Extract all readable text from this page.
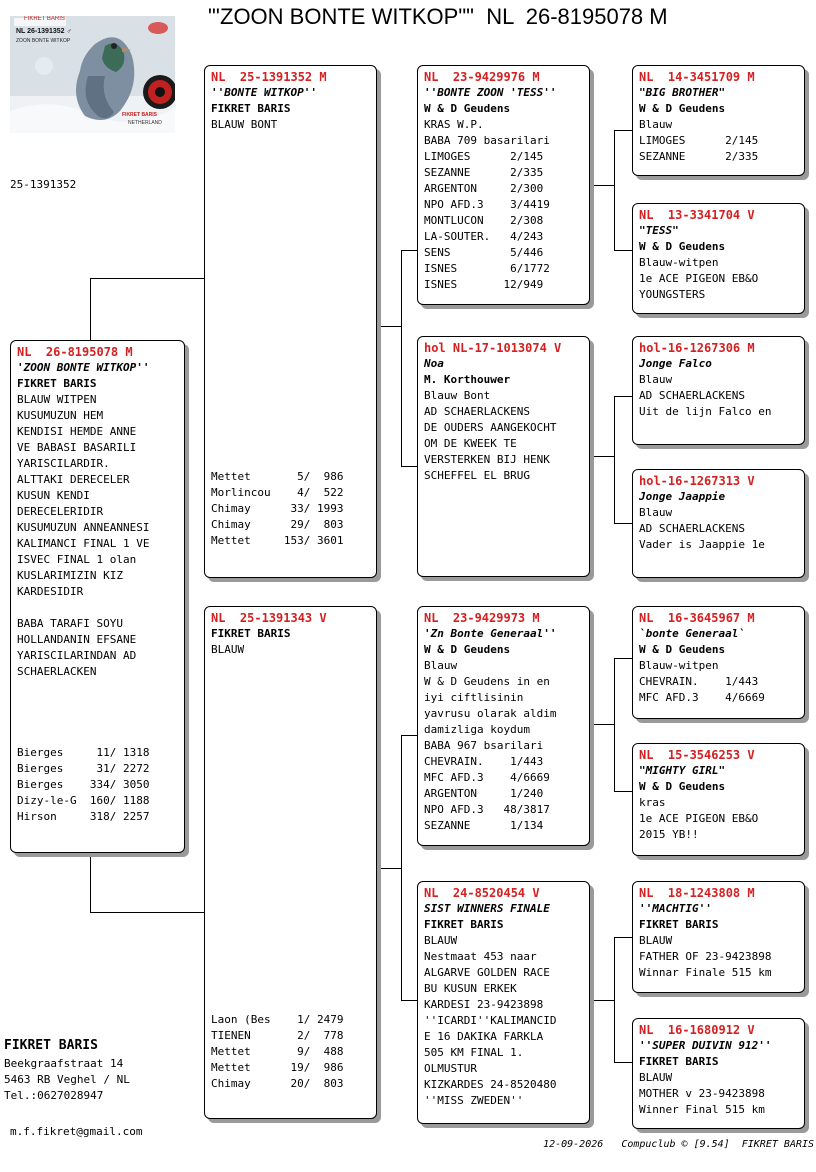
"'ZOON BONTE WITKOP""  NL  26-8195078 M
FIKRET BARIS
NL 26-1391352 ♂
ZOON BONTE WITKOP
FIKRET BARIS
NETHERLAND
25-1391352
NL  26-8195078 M
'ZOON BONTE WITKOP''
FIKRET BARIS
BLAUW WITPEN
KUSUMUZUN HEM
KENDISI HEMDE ANNE
VE BABASI BASARILI
YARISCILARDIR.
ALTTAKI DERECELER
KUSUN KENDI
DERECELERIDIR
KUSUMUZUN ANNEANNESI
KALIMANCI FINAL 1 VE
ISVEC FINAL 1 olan
KUSLARIMIZIN KIZ
KARDESIDIR
BABA TARAFI SOYU
HOLLANDANIN EFSANE
YARISCILARINDAN AD
SCHAERLACKEN
Bierges     11/ 1318
Bierges     31/ 2272
Bierges    334/ 3050
Dizy-le-G  160/ 1188
Hirson     318/ 2257
NL  25-1391352 M
''BONTE WITKOP''
FIKRET BARIS
BLAUW BONT
Mettet       5/  986
Morlincou    4/  522
Chimay      33/ 1993
Chimay      29/  803
Mettet     153/ 3601
NL  25-1391343 V
FIKRET BARIS
BLAUW
Laon (Bes    1/ 2479
TIENEN       2/  778
Mettet       9/  488
Mettet      19/  986
Chimay      20/  803
NL  23-9429976 M
''BONTE ZOON 'TESS''
W & D Geudens
KRAS W.P.
BABA 709 basarilari
LIMOGES      2/145
SEZANNE      2/335
ARGENTON     2/300
NPO AFD.3    3/4419
MONTLUCON    2/308
LA-SOUTER.   4/243
SENS         5/446
ISNES        6/1772
ISNES       12/949
hol NL-17-1013074 V
Noa
M. Korthouwer
Blauw Bont
AD SCHAERLACKENS
DE OUDERS AANGEKOCHT
OM DE KWEEK TE
VERSTERKEN BIJ HENK
SCHEFFEL EL BRUG
NL  23-9429973 M
'Zn Bonte Generaal''
W & D Geudens
Blauw
W & D Geudens in en
iyi ciftlisinin
yavrusu olarak aldim
damizliga koydum
BABA 967 bsarilari
CHEVRAIN.    1/443
MFC AFD.3    4/6669
ARGENTON     1/240
NPO AFD.3   48/3817
SEZANNE      1/134
NL  24-8520454 V
SIST WINNERS FINALE
FIKRET BARIS
BLAUW
Nestmaat 453 naar
ALGARVE GOLDEN RACE
BU KUSUN ERKEK
KARDESI 23-9423898
''ICARDI''KALIMANCID
E 16 DAKIKA FARKLA
505 KM FINAL 1.
OLMUSTUR
KIZKARDES 24-8520480
''MISS ZWEDEN''
NL  14-3451709 M
"BIG BROTHER"
W & D Geudens
Blauw
LIMOGES      2/145
SEZANNE      2/335
NL  13-3341704 V
"TESS"
W & D Geudens
Blauw-witpen
1e ACE PIGEON EB&O
YOUNGSTERS
hol-16-1267306 M
Jonge Falco
Blauw
AD SCHAERLACKENS
Uit de lijn Falco en
hol-16-1267313 V
Jonge Jaappie
Blauw
AD SCHAERLACKENS
Vader is Jaappie 1e
NL  16-3645967 M
`bonte Generaal`
W & D Geudens
Blauw-witpen
CHEVRAIN.    1/443
MFC AFD.3    4/6669
NL  15-3546253 V
"MIGHTY GIRL"
W & D Geudens
kras
1e ACE PIGEON EB&O
2015 YB!!
NL  18-1243808 M
''MACHTIG''
FIKRET BARIS
BLAUW
FATHER OF 23-9423898
Winnar Finale 515 km
NL  16-1680912 V
''SUPER DUIVIN 912''
FIKRET BARIS
BLAUW
MOTHER v 23-9423898
Winner Final 515 km
FIKRET BARIS
Beekgraafstraat 14
5463 RB Veghel / NL
Tel.:0627028947
m.f.fikret@gmail.com
12-09-2026   Compuclub © [9.54]  FIKRET BARIS
